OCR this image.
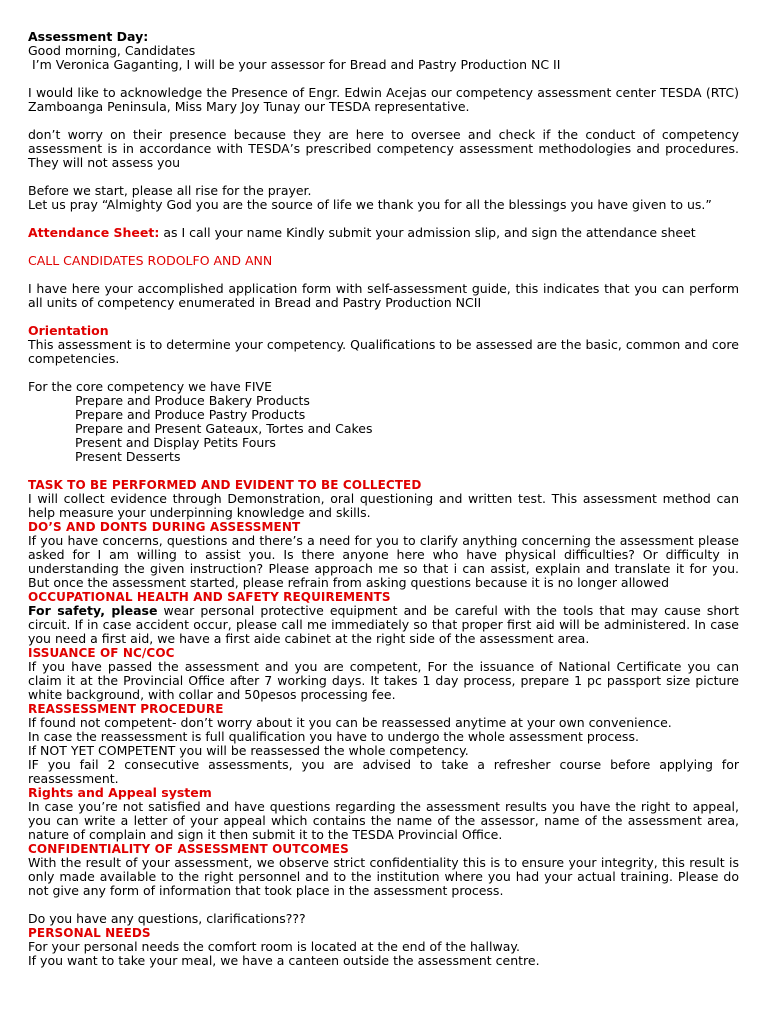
Assessment Day:

Good morning, Candidates

I’m Veronica Gaganting, I will be your assessor for Bread and Pastry Production NC II

I would like to acknowledge the Presence of Engr. Edwin Acejas our competency assessment center TESDA (RTC) Zamboanga Peninsula, Miss Mary Joy Tunay our TESDA representative.

don’t worry on their presence because they are here to oversee and check if the conduct of competency assessment is in accordance with TESDA’s prescribed competency assessment methodologies and procedures. They will not assess you

Before we start, please all rise for the prayer.

Let us pray “Almighty God you are the source of life we thank you for all the blessings you have given to us.”

Attendance Sheet: as I call your name Kindly submit your admission slip, and sign the attendance sheet

CALL CANDIDATES RODOLFO AND ANN

I have here your accomplished application form with self-assessment guide, this indicates that you can perform all units of competency enumerated in Bread and Pastry Production NCII

Orientation

This assessment is to determine your competency. Qualifications to be assessed are the basic, common and core competencies.

For the core competency we have FIVE

Prepare and Produce Bakery Products

Prepare and Produce Pastry Products

Prepare and Present Gateaux, Tortes and Cakes

Present and Display Petits Fours

Present Desserts

TASK TO BE PERFORMED AND EVIDENT TO BE COLLECTED

I will collect evidence through Demonstration, oral questioning and written test. This assessment method can help measure your underpinning knowledge and skills.

DO’S AND DONTS DURING ASSESSMENT

If you have concerns, questions and there’s a need for you to clarify anything concerning the assessment please asked for I am willing to assist you. Is there anyone here who have physical difficulties? Or difficulty in understanding the given instruction? Please approach me so that i can assist, explain and translate it for you. But once the assessment started, please refrain from asking questions because it is no longer allowed

OCCUPATIONAL HEALTH AND SAFETY REQUIREMENTS

For safety, please wear personal protective equipment and be careful with the tools that may cause short circuit. If in case accident occur, please call me immediately so that proper first aid will be administered. In case you need a first aid, we have a first aide cabinet at the right side of the assessment area.

ISSUANCE OF NC/COC

If you have passed the assessment and you are competent, For the issuance of National Certificate you can claim it at the Provincial Office after 7 working days. It takes 1 day process, prepare 1 pc passport size picture white background, with collar and 50pesos processing fee.

REASSESSMENT PROCEDURE

If found not competent- don’t worry about it you can be reassessed anytime at your own convenience.

In case the reassessment is full qualification you have to undergo the whole assessment process.

If NOT YET COMPETENT you will be reassessed the whole competency.

IF you fail 2 consecutive assessments, you are advised to take a refresher course before applying for reassessment.

Rights and Appeal system

In case you’re not satisfied and have questions regarding the assessment results you have the right to appeal, you can write a letter of your appeal which contains the name of the assessor, name of the assessment area, nature of complain and sign it then submit it to the TESDA Provincial Office.

CONFIDENTIALITY OF ASSESSMENT OUTCOMES

With the result of your assessment, we observe strict confidentiality this is to ensure your integrity, this result is only made available to the right personnel and to the institution where you had your actual training. Please do not give any form of information that took place in the assessment process.

Do you have any questions, clarifications???

PERSONAL NEEDS

For your personal needs the comfort room is located at the end of the hallway.

If you want to take your meal, we have a canteen outside the assessment centre.
